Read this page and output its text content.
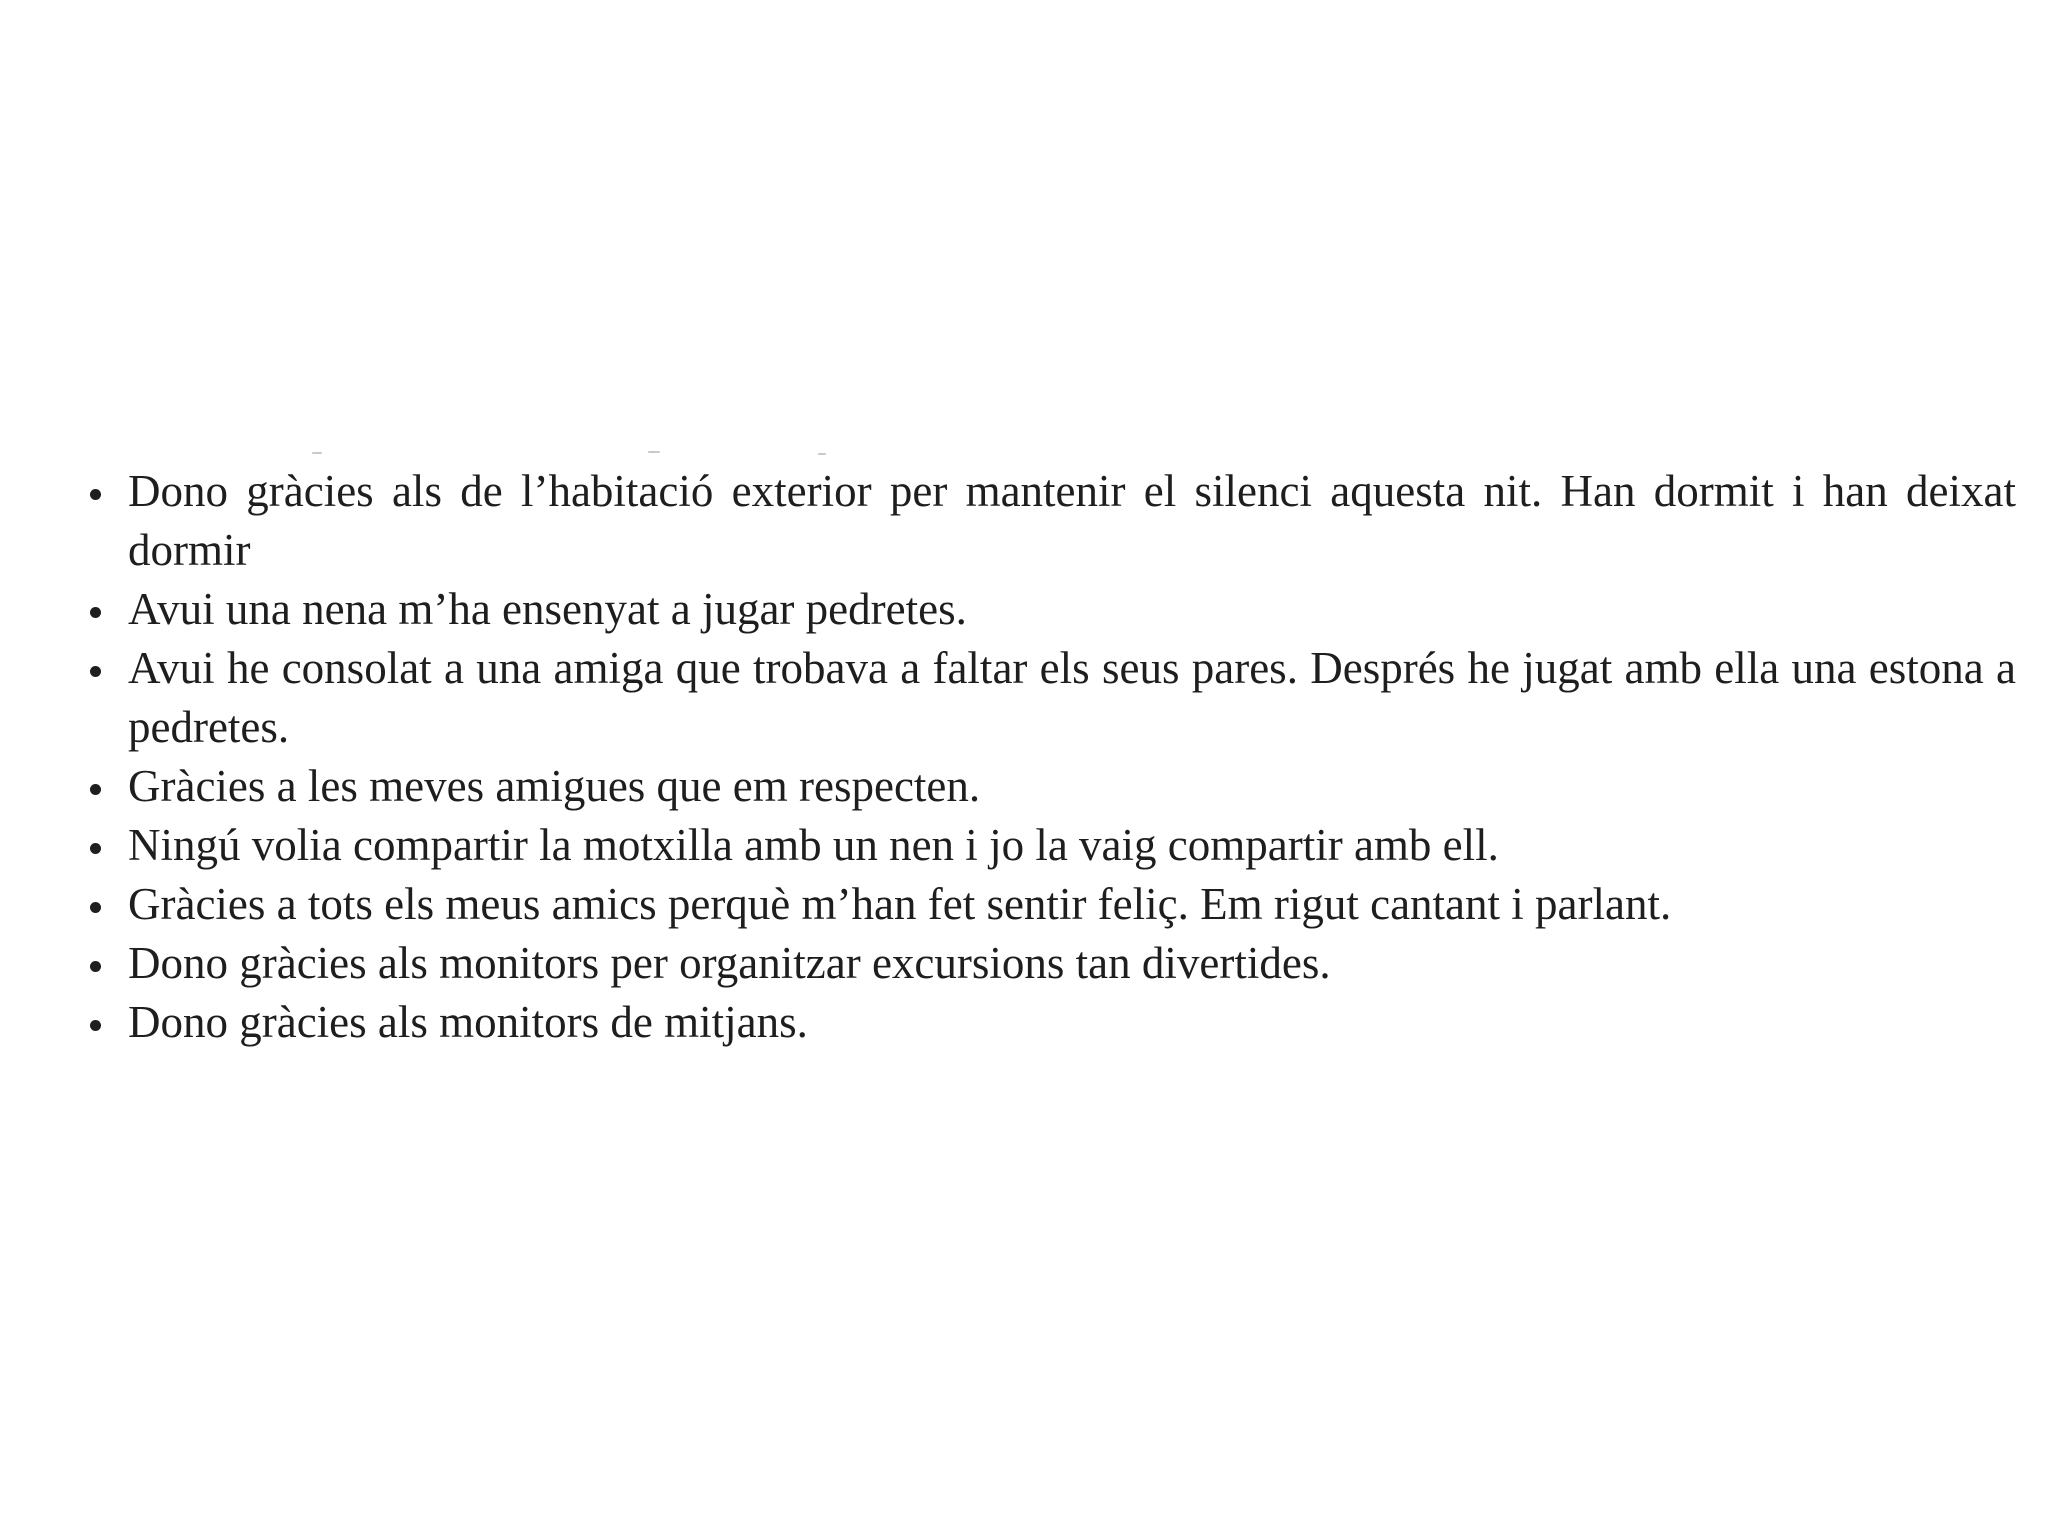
Dono gràcies als de l’habitació exterior per mantenir el silenci aquesta nit. Han dormit i han deixat dormir
Avui una nena m’ha ensenyat a jugar pedretes.
Avui he consolat a una amiga que trobava a faltar els seus pares. Després he jugat amb ella una estona a pedretes.
Gràcies a les meves amigues que em respecten.
Ningú volia compartir la motxilla amb un nen i jo la vaig compartir amb ell.
Gràcies a tots els meus amics perquè m’han fet sentir feliç. Em rigut cantant i parlant.
Dono gràcies als monitors per organitzar excursions tan divertides.
Dono gràcies als monitors de mitjans.
